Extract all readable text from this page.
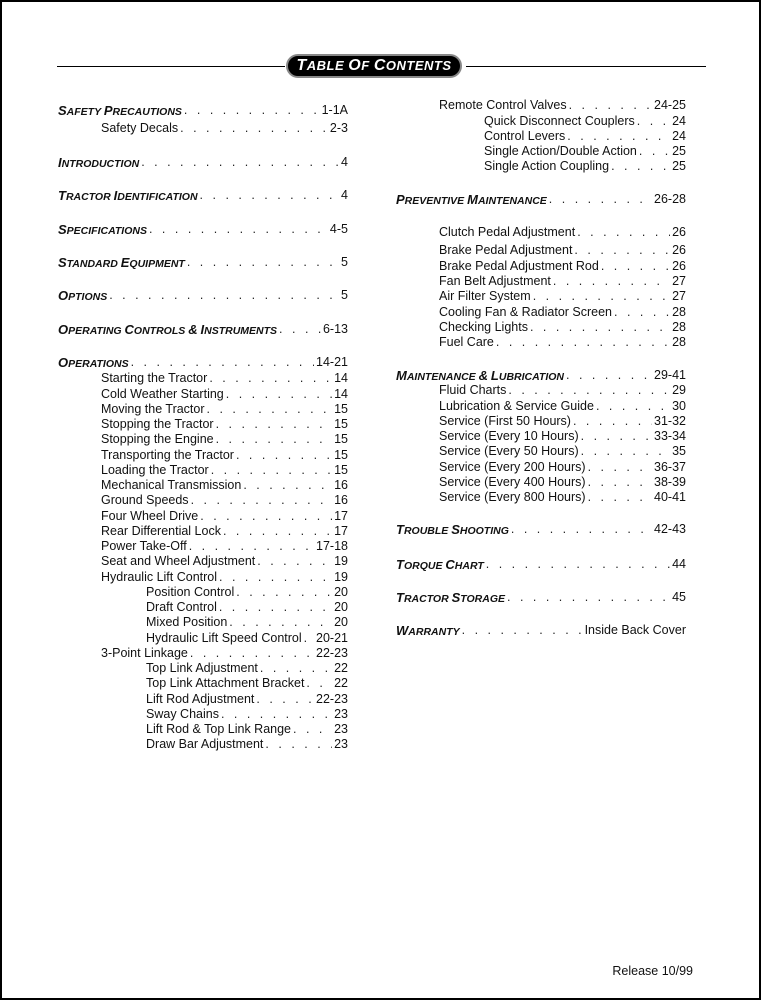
TABLE OF CONTENTS
SAFETY PRECAUTIONS . . .	1-1A
Safety Decals . . .	2-3
INTRODUCTION . . .	4
TRACTOR IDENTIFICATION . . .	4
SPECIFICATIONS . . .	4-5
STANDARD EQUIPMENT . . .	5
OPTIONS . . .	5
OPERATING CONTROLS & INSTRUMENTS . . .	6-13
OPERATIONS . . .	14-21
Starting the Tractor . . .	14
Cold Weather Starting . . .	14
Moving the Tractor . . .	15
Stopping the Tractor . . .	15
Stopping the Engine . . .	15
Transporting the Tractor . . .	15
Loading the Tractor . . .	15
Mechanical Transmission . . .	16
Ground Speeds . . .	16
Four Wheel Drive . . .	17
Rear Differential Lock . . .	17
Power Take-Off . . .	17-18
Seat and Wheel Adjustment . . .	19
Hydraulic Lift Control . . .	19
Position Control . . .	20
Draft Control . . .	20
Mixed Position . . .	20
Hydraulic Lift Speed Control . . . 20-21
3-Point Linkage . . .	22-23
Top Link Adjustment . . .	22
Top Link Attachment Bracket . . . 22
Lift Rod Adjustment . . .	22-23
Sway Chains . . .	23
Lift Rod & Top Link Range . . .	23
Draw Bar Adjustment . . .	23
Remote Control Valves . . .	24-25
Quick Disconnect Couplers . . .	24
Control Levers . . .	24
Single Action/Double Action . . .	25
Single Action Coupling . . .	25
PREVENTIVE MAINTENANCE . . .	26-28
Clutch Pedal Adjustment . . .	26
Brake Pedal Adjustment . . .	26
Brake Pedal Adjustment Rod . . .	26
Fan Belt Adjustment . . .	27
Air Filter System . . .	27
Cooling Fan & Radiator Screen . . .	28
Checking Lights . . .	28
Fuel Care . . .	28
MAINTENANCE & LUBRICATION . . .	29-41
Fluid Charts . . .	29
Lubrication & Service Guide . . .	30
Service (First 50 Hours) . . .	31-32
Service (Every 10 Hours) . . .	33-34
Service (Every 50 Hours) . . .	35
Service (Every 200 Hours) . . .	36-37
Service (Every 400 Hours) . . .	38-39
Service (Every 800 Hours) . . .	40-41
TROUBLE SHOOTING . . .	42-43
TORQUE CHART . . .	44
TRACTOR STORAGE . . .	45
WARRANTY . . .	Inside Back Cover
Release 10/99
